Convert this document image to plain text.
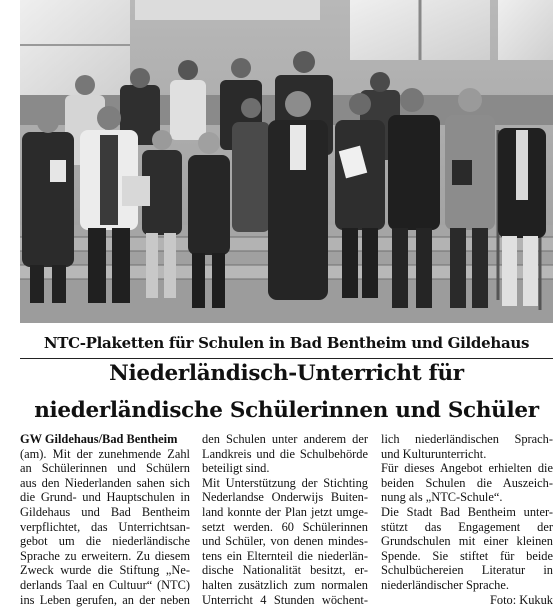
NTC-Plaketten für Schulen in Bad Bentheim und Gildehaus
Niederländisch-Unterricht für
niederländische Schülerinnen und Schüler
GW Gildehaus/Bad Bentheim
(am). Mit der zunehmende Zahl
an Schülerinnen und Schülern
aus den Niederlanden sahen sich
die Grund- und Hauptschulen in
Gildehaus und Bad Bentheim
verpflichtet, das Unterrichtsan-
gebot um die niederländische
Sprache zu erweitern. Zu diesem
Zweck wurde die Stiftung „Ne-
derlands Taal en Cultuur“ (NTC)
ins Leben gerufen, an der neben
den Schulen unter anderem der
Landkreis und die Schulbehörde
beteiligt sind.
Mit Unterstützung der Stichting
Nederlandse Onderwijs Buiten-
land konnte der Plan jetzt umge-
setzt werden. 60 Schülerinnen
und Schüler, von denen mindes-
tens ein Elternteil die niederlän-
dische Nationalität besitzt, er-
halten zusätzlich zum normalen
Unterricht 4 Stunden wöchent-
lich niederländischen Sprach-
und Kulturunterricht.
Für dieses Angebot erhielten die
beiden Schulen die Auszeich-
nung als „NTC-Schule“.
Die Stadt Bad Bentheim unter-
stützt das Engagement der
Grundschulen mit einer kleinen
Spende. Sie stiftet für beide
Schulbüchereien Literatur in
niederländischer Sprache.
Foto: Kukuk
